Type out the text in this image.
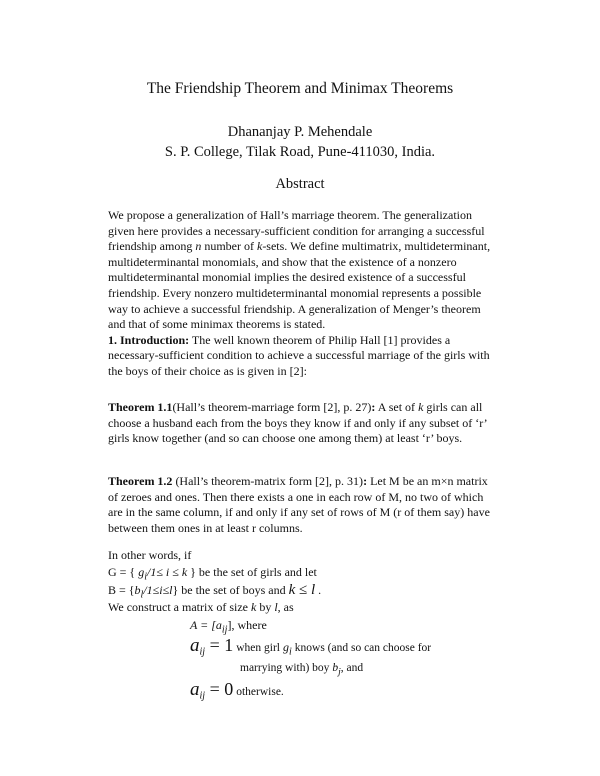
The Friendship Theorem and Minimax Theorems
Dhananjay P. Mehendale
S. P. College, Tilak Road, Pune-411030, India.
Abstract

We propose a generalization of Hall’s marriage theorem. The generalization given here provides a necessary-sufficient condition for arranging a successful friendship among n number of k-sets. We define multimatrix, multideterminant, multideterminantal monomials, and show that the existence of a nonzero multideterminantal monomial implies the desired existence of a successful friendship. Every nonzero multideterminantal monomial represents a possible way to achieve a successful friendship. A generalization of Menger’s theorem and that of some minimax theorems is stated.

1. Introduction: The well known theorem of Philip Hall [1] provides a necessary-sufficient condition to achieve a successful marriage of the girls with the boys of their choice as is given in [2]:

Theorem 1.1(Hall’s theorem-marriage form [2], p. 27): A set of k girls can all choose a husband each from the boys they know if and only if any subset of ‘r’ girls know together (and so can choose one among them) at least ‘r’ boys.

Theorem 1.2 (Hall’s theorem-matrix form [2], p. 31): Let M be an m×n matrix of zeroes and ones. Then there exists a one in each row of M, no two of which are in the same column, if and only if any set of rows of M (r of them say) have between them ones in at least r columns.

In other words, if
G = { $g_i/1\le i \le k$ } be the set of girls and let
$B = \{b_l/1\le i\le l\}$ be the set of boys and k ≤ l .
We construct a matrix of size k by l, as
$A = [a_{ij}]$, where
$a_{ij} = 1$ when girl $g_i$ knows (and so can choose for
marrying with) boy $b_j$, and
$a_{ij} = 0$ otherwise.
